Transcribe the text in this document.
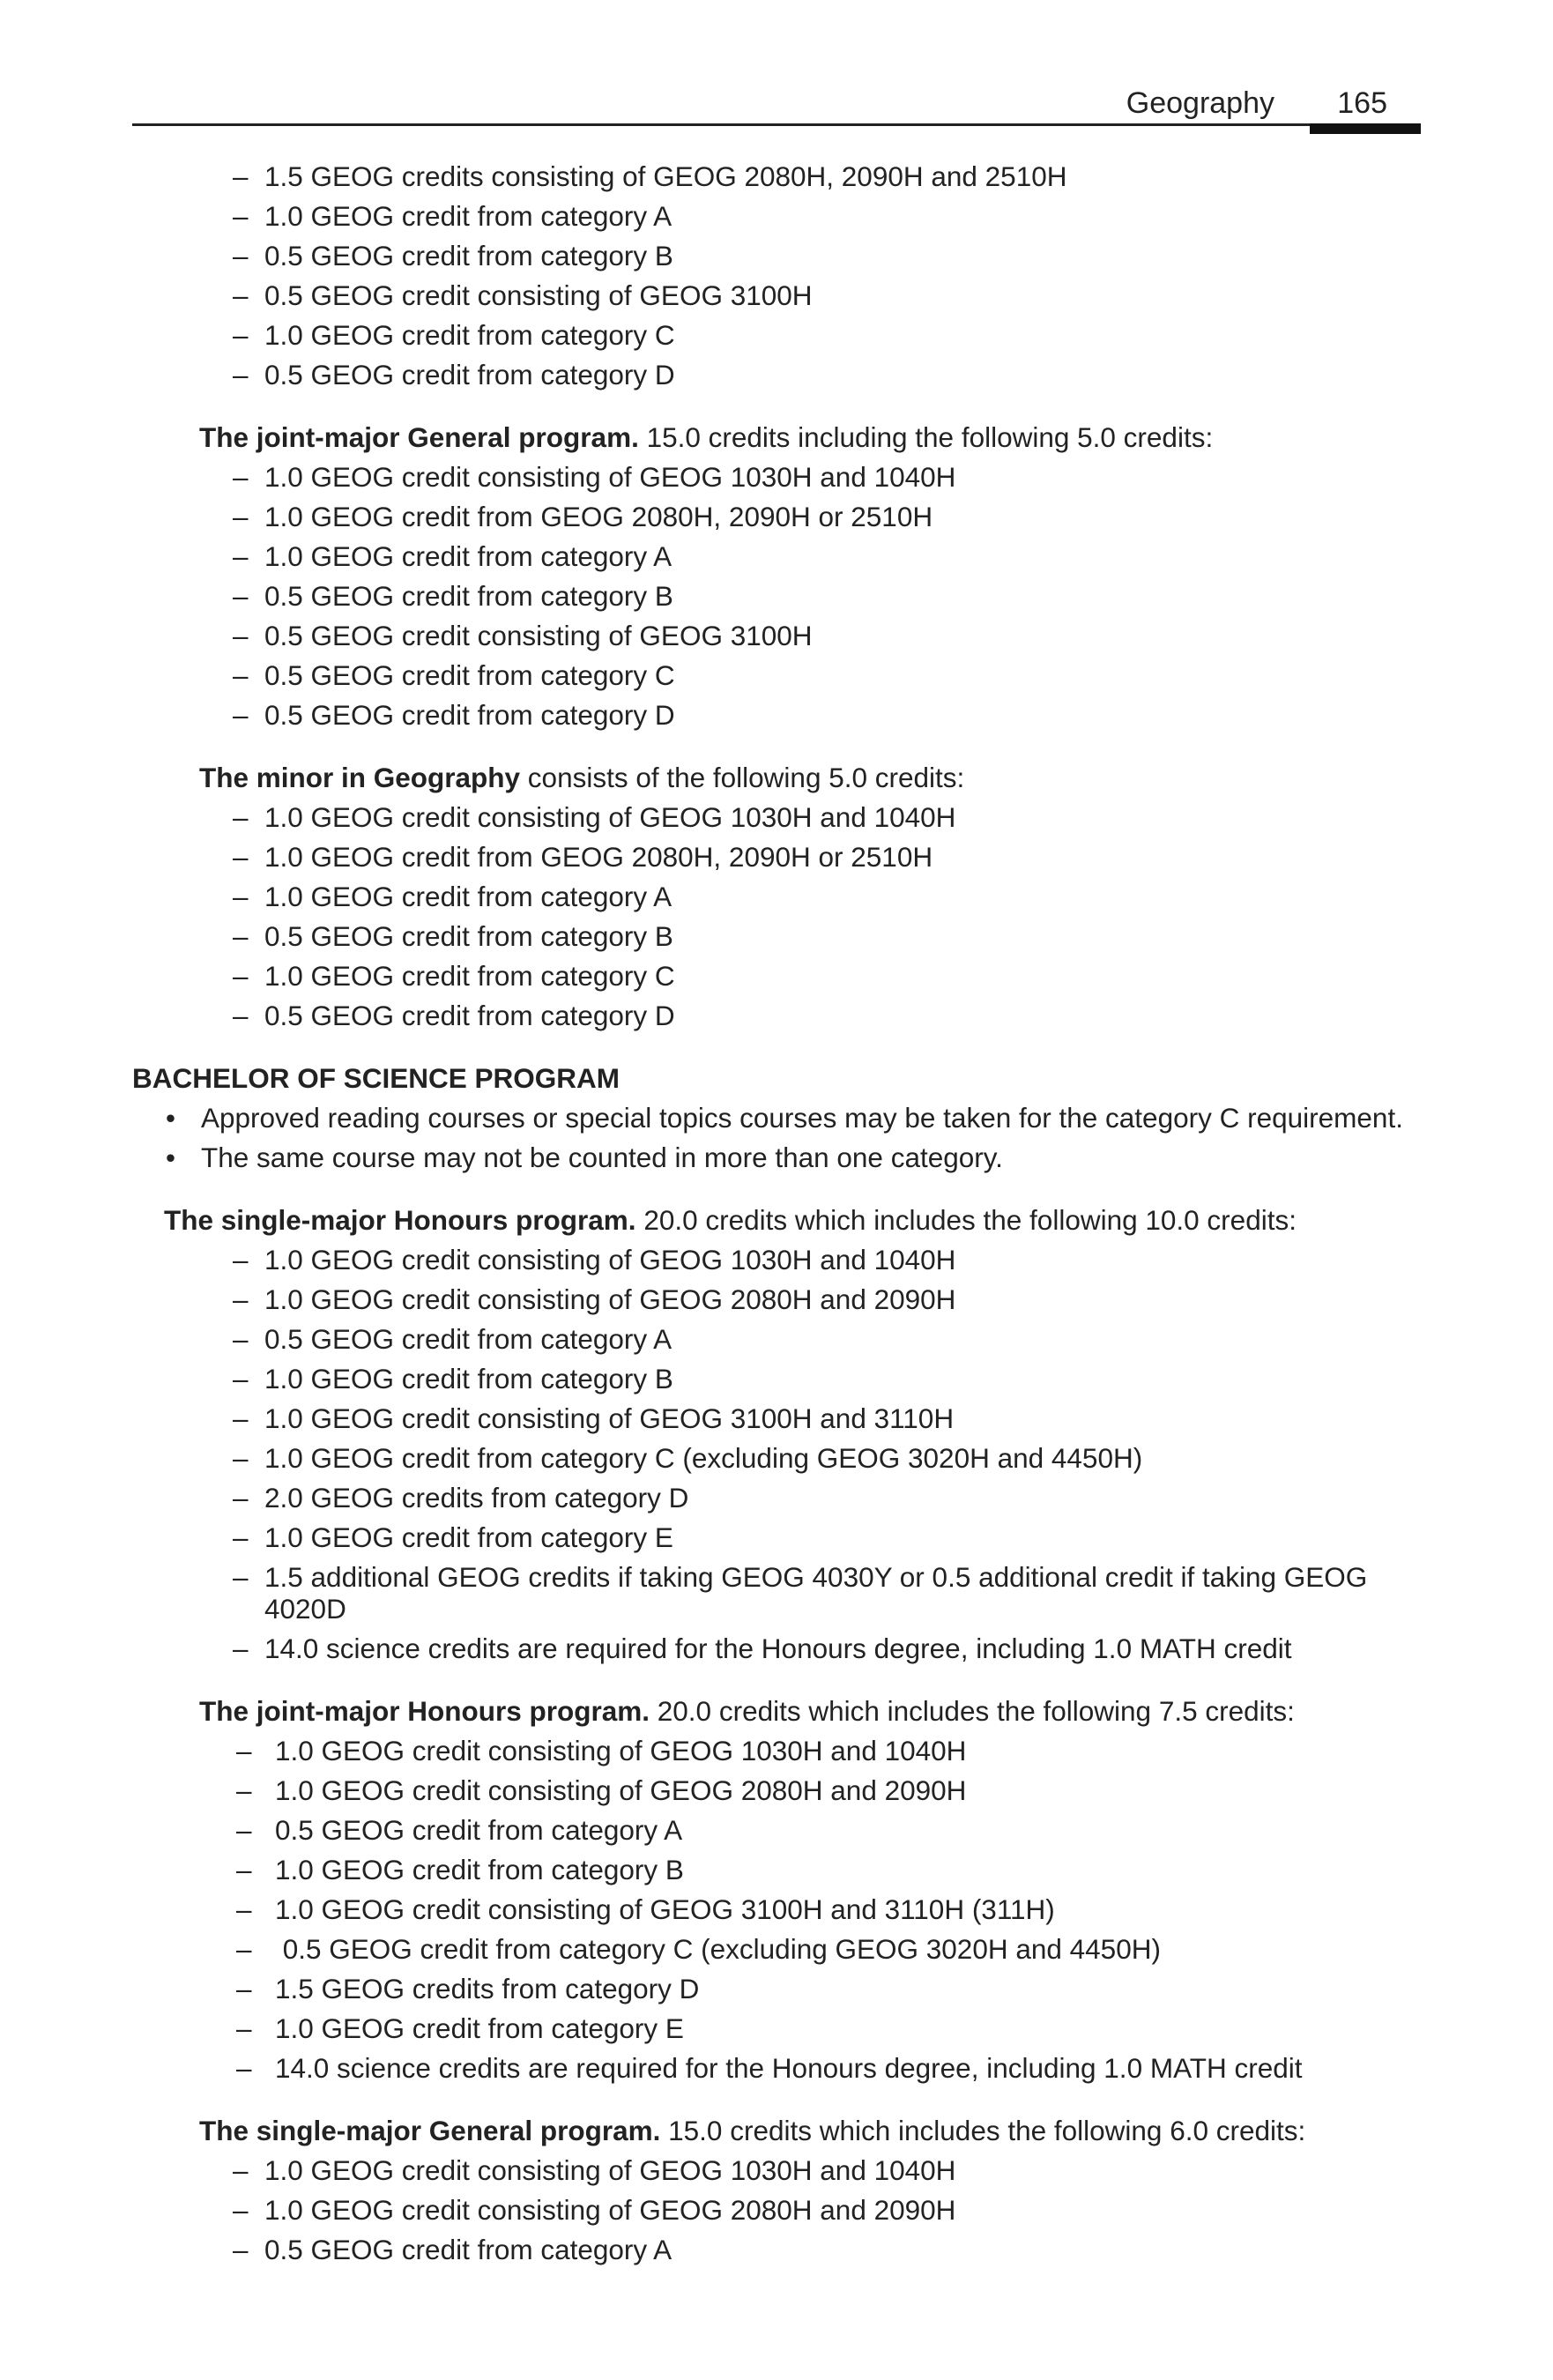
Geography 165
– 1.5 GEOG credits consisting of GEOG 2080H, 2090H and 2510H
– 1.0 GEOG credit from category A
– 0.5 GEOG credit from category B
– 0.5 GEOG credit consisting of GEOG 3100H
– 1.0 GEOG credit from category C
– 0.5 GEOG credit from category D
The joint-major General program. 15.0 credits including the following 5.0 credits:
– 1.0 GEOG credit consisting of GEOG 1030H and 1040H
– 1.0 GEOG credit from GEOG 2080H, 2090H or 2510H
– 1.0 GEOG credit from category A
– 0.5 GEOG credit from category B
– 0.5 GEOG credit consisting of GEOG 3100H
– 0.5 GEOG credit from category C
– 0.5 GEOG credit from category D
The minor in Geography consists of the following 5.0 credits:
– 1.0 GEOG credit consisting of GEOG 1030H and 1040H
– 1.0 GEOG credit from GEOG 2080H, 2090H or 2510H
– 1.0 GEOG credit from category A
– 0.5 GEOG credit from category B
– 1.0 GEOG credit from category C
– 0.5 GEOG credit from category D
BACHELOR OF SCIENCE PROGRAM
• Approved reading courses or special topics courses may be taken for the category C requirement.
• The same course may not be counted in more than one category.
The single-major Honours program. 20.0 credits which includes the following 10.0 credits:
– 1.0 GEOG credit consisting of GEOG 1030H and 1040H
– 1.0 GEOG credit consisting of GEOG 2080H and 2090H
– 0.5 GEOG credit from category A
– 1.0 GEOG credit from category B
– 1.0 GEOG credit consisting of GEOG 3100H and 3110H
– 1.0 GEOG credit from category C (excluding GEOG 3020H and 4450H)
– 2.0 GEOG credits from category D
– 1.0 GEOG credit from category E
– 1.5 additional GEOG credits if taking GEOG 4030Y or 0.5 additional credit if taking GEOG 4020D
– 14.0 science credits are required for the Honours degree, including 1.0 MATH credit
The joint-major Honours program. 20.0 credits which includes the following 7.5 credits:
– 1.0 GEOG credit consisting of GEOG 1030H and 1040H
– 1.0 GEOG credit consisting of GEOG 2080H and 2090H
– 0.5 GEOG credit from category A
– 1.0 GEOG credit from category B
– 1.0 GEOG credit consisting of GEOG 3100H and 3110H (311H)
– 0.5 GEOG credit from category C (excluding GEOG 3020H and 4450H)
– 1.5 GEOG credits from category D
– 1.0 GEOG credit from category E
– 14.0 science credits are required for the Honours degree, including 1.0 MATH credit
The single-major General program. 15.0 credits which includes the following 6.0 credits:
– 1.0 GEOG credit consisting of GEOG 1030H and 1040H
– 1.0 GEOG credit consisting of GEOG 2080H and 2090H
– 0.5 GEOG credit from category A
